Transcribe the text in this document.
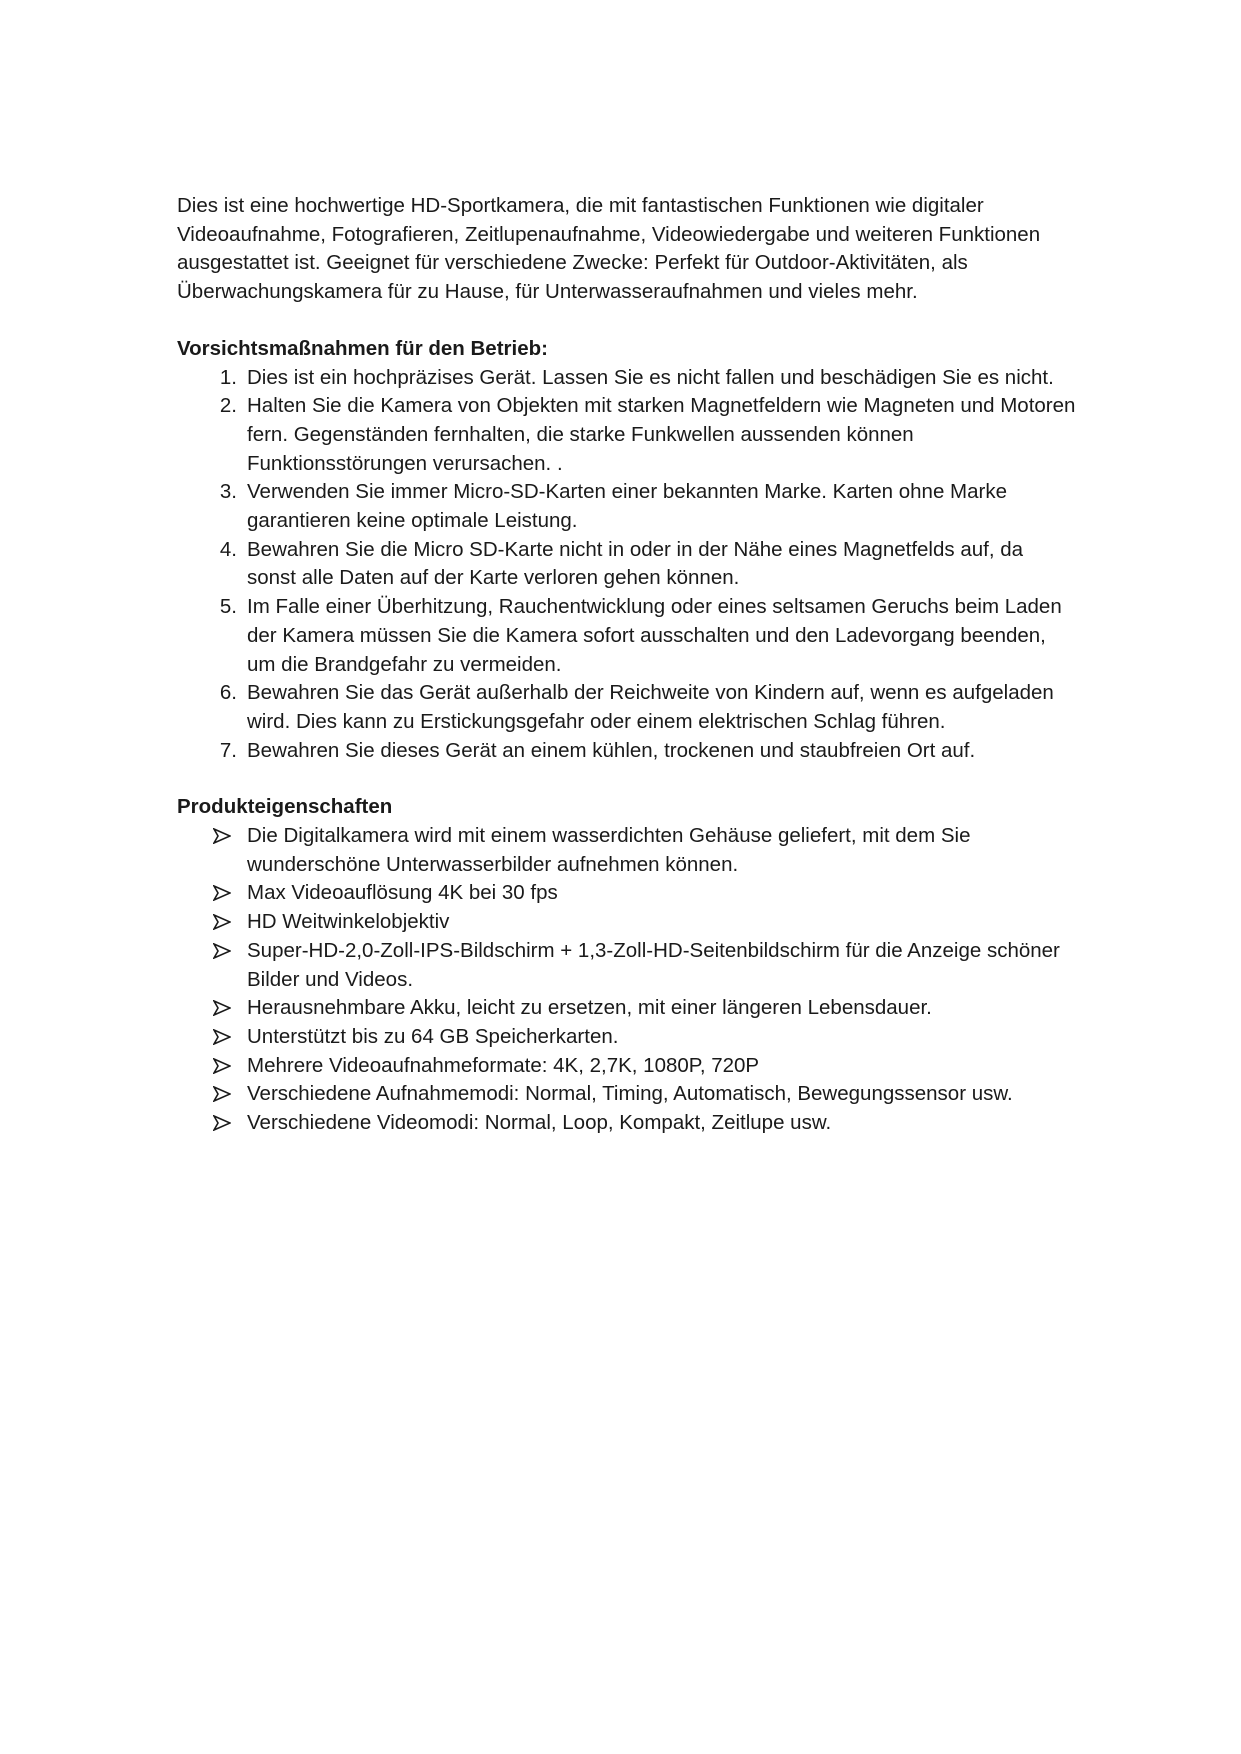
Dies ist eine hochwertige HD-Sportkamera, die mit fantastischen Funktionen wie digitaler Videoaufnahme, Fotografieren, Zeitlupenaufnahme, Videowiedergabe und weiteren Funktionen ausgestattet ist. Geeignet für verschiedene Zwecke: Perfekt für Outdoor-Aktivitäten, als Überwachungskamera für zu Hause, für Unterwasseraufnahmen und vieles mehr.

Vorsichtsmaßnahmen für den Betrieb:

1. Dies ist ein hochpräzises Gerät. Lassen Sie es nicht fallen und beschädigen Sie es nicht.
2. Halten Sie die Kamera von Objekten mit starken Magnetfeldern wie Magneten und Motoren fern. Gegenständen fernhalten, die starke Funkwellen aussenden können Funktionsstörungen verursachen. .
3. Verwenden Sie immer Micro-SD-Karten einer bekannten Marke. Karten ohne Marke garantieren keine optimale Leistung.
4. Bewahren Sie die Micro SD-Karte nicht in oder in der Nähe eines Magnetfelds auf, da sonst alle Daten auf der Karte verloren gehen können.
5. Im Falle einer Überhitzung, Rauchentwicklung oder eines seltsamen Geruchs beim Laden der Kamera müssen Sie die Kamera sofort ausschalten und den Ladevorgang beenden, um die Brandgefahr zu vermeiden.
6. Bewahren Sie das Gerät außerhalb der Reichweite von Kindern auf, wenn es aufgeladen wird. Dies kann zu Erstickungsgefahr oder einem elektrischen Schlag führen.
7. Bewahren Sie dieses Gerät an einem kühlen, trockenen und staubfreien Ort auf.

Produkteigenschaften

Die Digitalkamera wird mit einem wasserdichten Gehäuse geliefert, mit dem Sie wunderschöne Unterwasserbilder aufnehmen können.
Max Videoauflösung 4K bei 30 fps
HD Weitwinkelobjektiv
Super-HD-2,0-Zoll-IPS-Bildschirm + 1,3-Zoll-HD-Seitenbildschirm für die Anzeige schöner Bilder und Videos.
Herausnehmbare Akku, leicht zu ersetzen, mit einer längeren Lebensdauer.
Unterstützt bis zu 64 GB Speicherkarten.
Mehrere Videoaufnahmeformate: 4K, 2,7K, 1080P, 720P
Verschiedene Aufnahmemodi: Normal, Timing, Automatisch, Bewegungssensor usw.
Verschiedene Videomodi: Normal, Loop, Kompakt, Zeitlupe usw.
